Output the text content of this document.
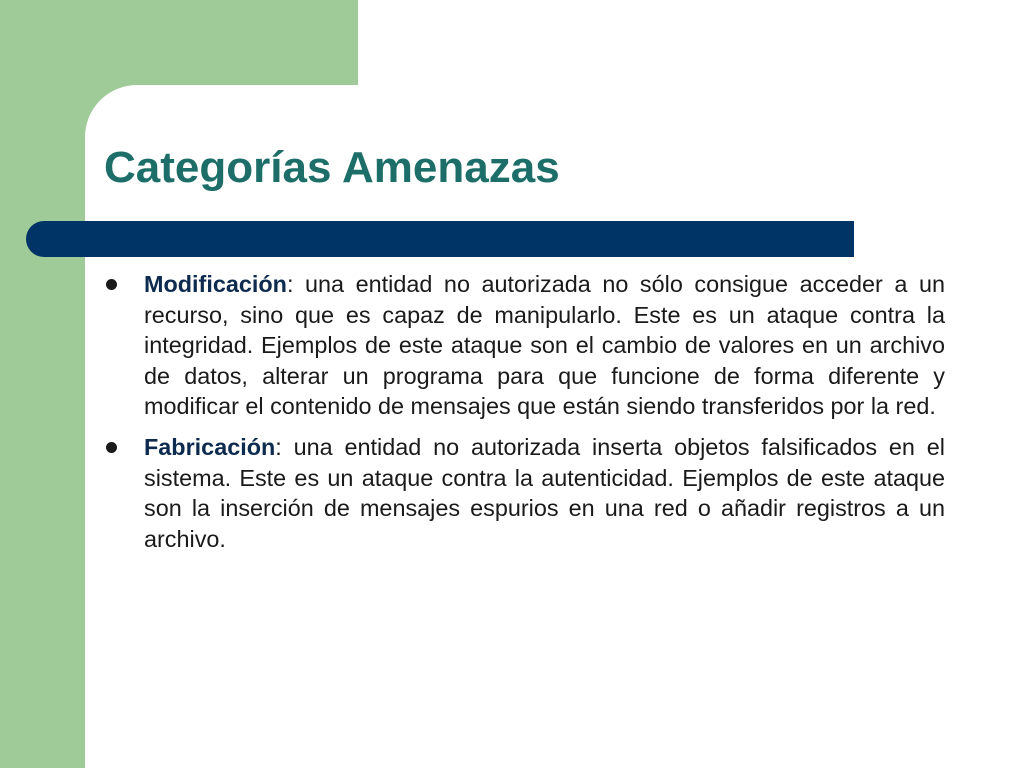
Categorías Amenazas
Modificación: una entidad no autorizada no sólo consigue acceder a un recurso, sino que es capaz de manipularlo. Este es un ataque contra la integridad. Ejemplos de este ataque son el cambio de valores en un archivo de datos, alterar un programa para que funcione de forma diferente y modificar el contenido de mensajes que están siendo transferidos por la red.
Fabricación: una entidad no autorizada inserta objetos falsificados en el sistema. Este es un ataque contra la autenticidad. Ejemplos de este ataque son la inserción de mensajes espurios en una red o añadir registros a un archivo.
